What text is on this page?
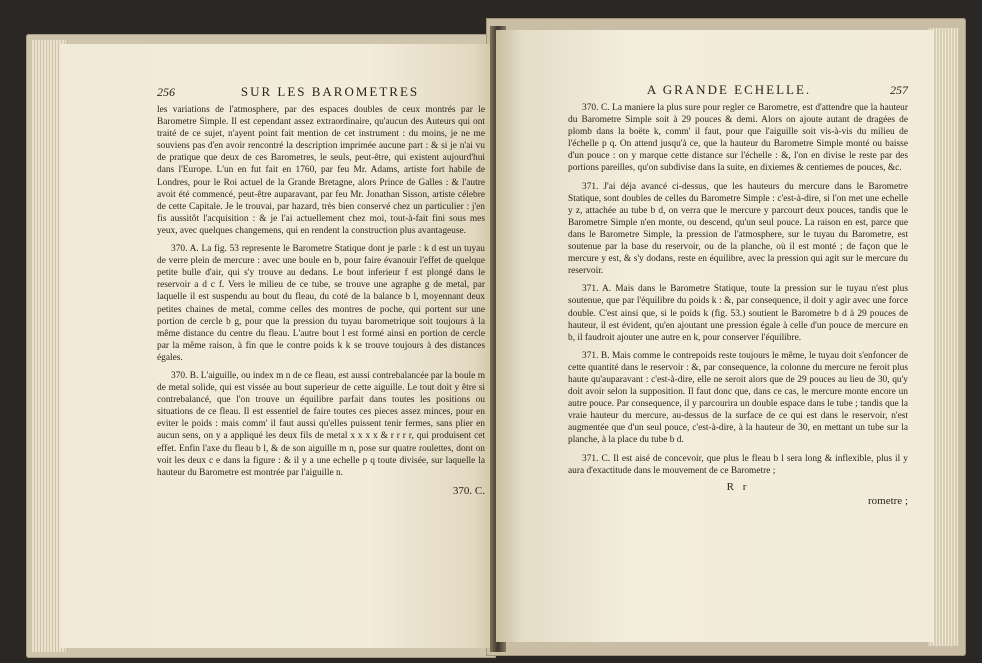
256	SUR LES BAROMETRES

les variations de l'atmosphere, par des espaces doubles de ceux montrés par le Barometre Simple. Il est cependant assez extraordinaire, qu'aucun des Auteurs qui ont traité de ce sujet, n'ayent point fait mention de cet instrument : du moins, je ne me souviens pas d'en avoir rencontré la description imprimée aucune part : & si je n'ai vu de pratique que deux de ces Barometres, le seuls, peut-être, qui existent aujourd'hui dans l'Europe. L'un en fut fait en 1760, par feu Mr. Adams, artiste fort habile de Londres, pour le Roi actuel de la Grande Bretagne, alors Prince de Galles : & l'autre avoit été commencé, peut-être auparavant, par feu Mr. Jonathan Sisson, artiste célebre de cette Capitale. Je le trouvai, par hazard, très bien conservé chez un particulier : j'en fis aussitôt l'acquisition : & je l'ai actuellement chez moi, tout-à-fait fini sous mes yeux, avec quelques changemens, qui en rendent la construction plus avantageuse.

370. A. La fig. 53 represente le Barometre Statique dont je parle : k d est un tuyau de verre plein de mercure : avec une boule en b, pour faire évanouir l'effet de quelque petite bulle d'air, qui s'y trouve au dedans. Le bout inferieur f est plongé dans le reservoir a d c f. Vers le milieu de ce tube, se trouve une agraphe g de metal, par laquelle il est suspendu au bout du fleau, du coté de la balance b l, moyennant deux petites chaines de metal, comme celles des montres de poche, qui portent sur une portion de cercle b g, pour que la pression du tuyau barometrique soit toujours à la même distance du centre du fleau. L'autre bout l est formé ainsi en portion de cercle par la même raison, à fin que le contre poids k k se trouve toujours à des distances égales.

370. B. L'aiguille, ou index m n de ce fleau, est aussi contrebalancée par la boule m de metal solide, qui est vissée au bout superieur de cette aiguille. Le tout doit y être si contrebalancé, que l'on trouve un équilibre parfait dans toutes les positions ou situations de ce fleau. Il est essentiel de faire toutes ces pieces assez minces, pour en eviter le poids : mais comm' il faut aussi qu'elles puissent tenir fermes, sans plier en aucun sens, on y a appliqué les deux fils de metal x x x x & r r r r, qui produisent cet effet. Enfin l'axe du fleau b l, & de son aiguille m n, pose sur quatre roulettes, dont on voit les deux c e dans la figure : & il y a une echelle p q toute divisée, sur laquelle la hauteur du Barometre est montrée par l'aiguille n.

370. C.
A GRANDE ECHELLE.	257

370. C. La maniere la plus sure pour regler ce Barometre, est d'attendre que la hauteur du Barometre Simple soit à 29 pouces & demi. Alors on ajoute autant de dragées de plomb dans la boëte k, comm' il faut, pour que l'aiguille soit vis-à-vis du milieu de l'échelle p q. On attend jusqu'à ce, que la hauteur du Barometre Simple monté ou baisse d'un pouce : on y marque cette distance sur l'échelle : &, l'on en divise le reste par des portions pareilles, qu'on subdivise dans la suite, en dixiemes & centiemes de pouces, &c.

371. J'ai déja avancé ci-dessus, que les hauteurs du mercure dans le Barometre Statique, sont doubles de celles du Barometre Simple : c'est-à-dire, si l'on met une echelle y z, attachée au tube b d, on verra que le mercure y parcourt deux pouces, tandis que le Barometre Simple n'en monte, ou descend, qu'un seul pouce. La raison en est, parce que dans le Barometre Simple, la pression de l'atmosphere, sur le tuyau du Barometre, est soutenue par la base du reservoir, ou de la planche, où il est monté ; de façon que le mercure y est, & s'y dodans, reste en équilibre, avec la pression qui agit sur le mercure du reservoir.

371. A. Mais dans le Barometre Statique, toute la pression sur le tuyau n'est plus soutenue, que par l'équilibre du poids k : &, par consequence, il doit y agir avec une force double. C'est ainsi que, si le poids k (fig. 53.) soutient le Barometre b d à 29 pouces de hauteur, il est évident, qu'en ajoutant une pression égale à celle d'un pouce de mercure en b, il faudroit ajouter une autre en k, pour conserver l'équilibre.

371. B. Mais comme le contrepoids reste toujours le même, le tuyau doit s'enfoncer de cette quantité dans le reservoir : &, par consequence, la colonne du mercure ne feroit plus haute qu'auparavant : c'est-à-dire, elle ne seroit alors que de 29 pouces au lieu de 30, qu'y doit avoir selon la supposition. Il faut donc que, dans ce cas, le mercure monte encore un autre pouce. Par consequence, il y parcourira un double espace dans le tube ; tandis que la vraie hauteur du mercure, au-dessus de la surface de ce qui est dans le reservoir, n'est augmentée que d'un seul pouce, c'est-à-dire, à la hauteur de 30, en mettant un tube sur la planche, à la place du tube b d.

371. C. Il est aisé de concevoir, que plus le fleau b l sera long & inflexible, plus il y aura d'exactitude dans le mouvement de ce Barometre ;

R r
rometre ;
